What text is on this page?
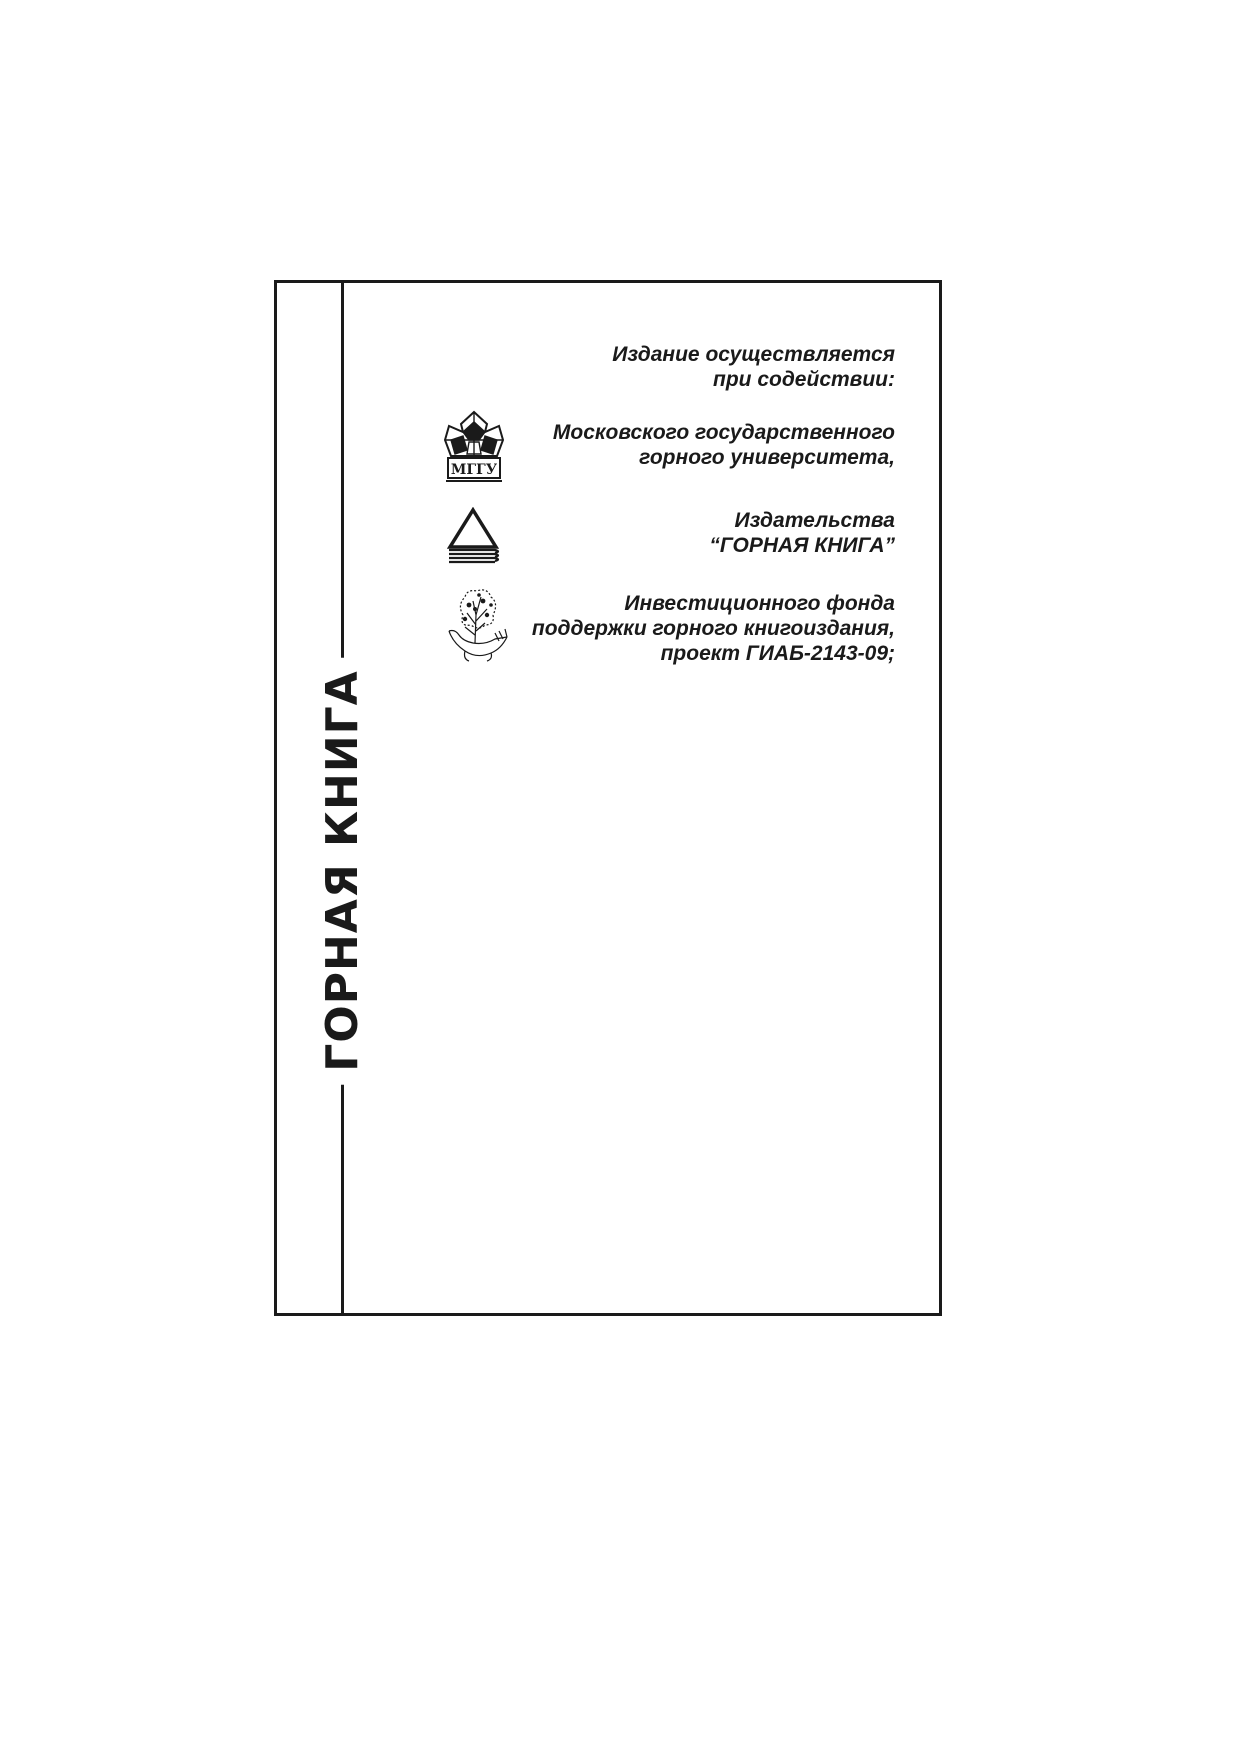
ГОРНАЯ КНИГА
Издание осуществляется
при содействии:
МГГУ
Московского государственного
горного университета,
Издательства
“ГОРНАЯ КНИГА”
Инвестиционного фонда
поддержки горного книгоиздания,
проект ГИАБ-2143-09;
